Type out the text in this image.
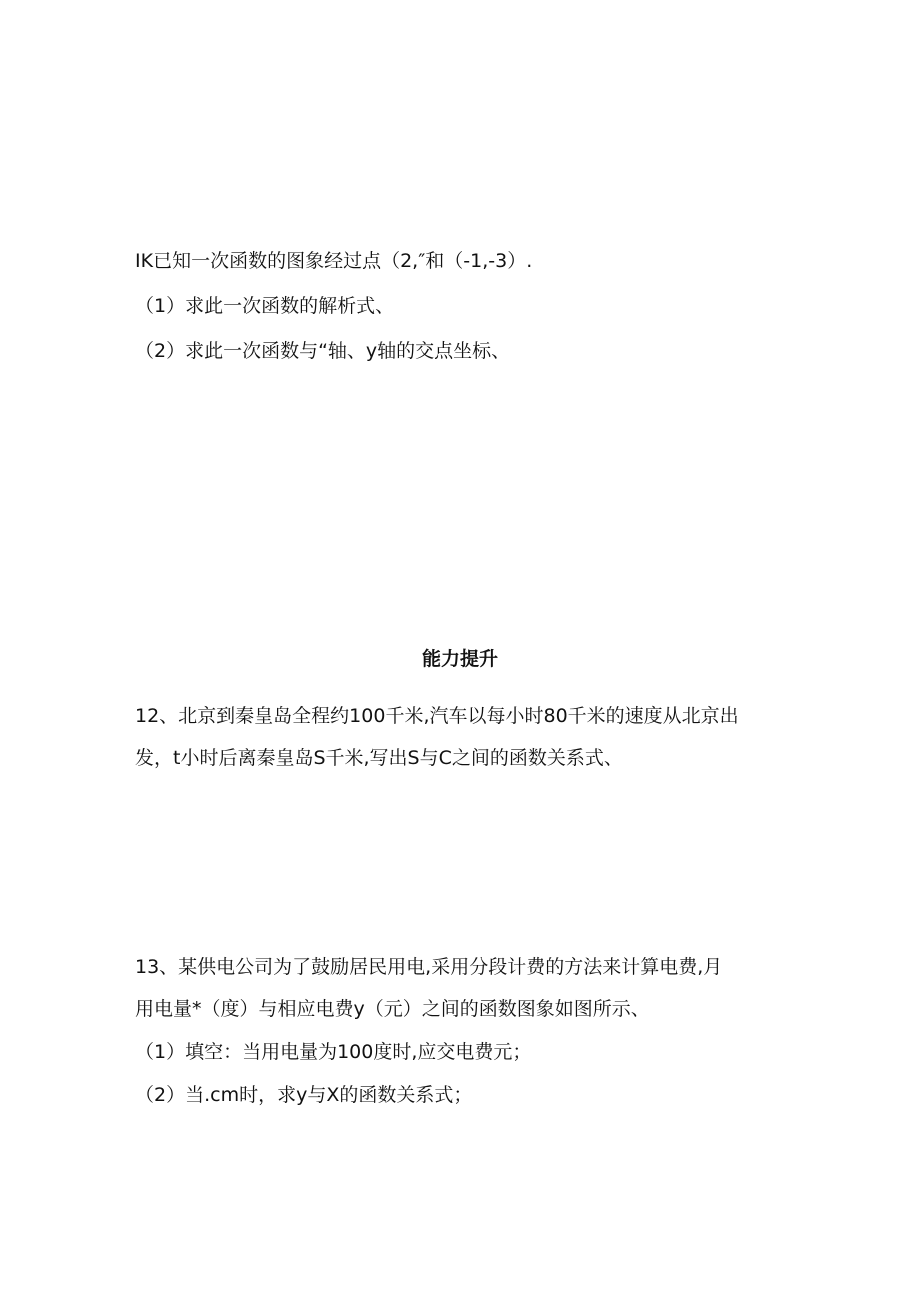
IK已知一次函数的图象经过点（2,″和（-1,-3）.
（1）求此一次函数的解析式、
（2）求此一次函数与“轴、y轴的交点坐标、
能力提升
12、北京到秦皇岛全程约100千米,汽车以每小时80千米的速度从北京出
发，t小时后离秦皇岛S千米,写出S与C之间的函数关系式、
13、某供电公司为了鼓励居民用电,采用分段计费的方法来计算电费,月
用电量*（度）与相应电费y（元）之间的函数图象如图所示、
（1）填空：当用电量为100度时,应交电费元；
（2）当.cm时，求y与X的函数关系式；
